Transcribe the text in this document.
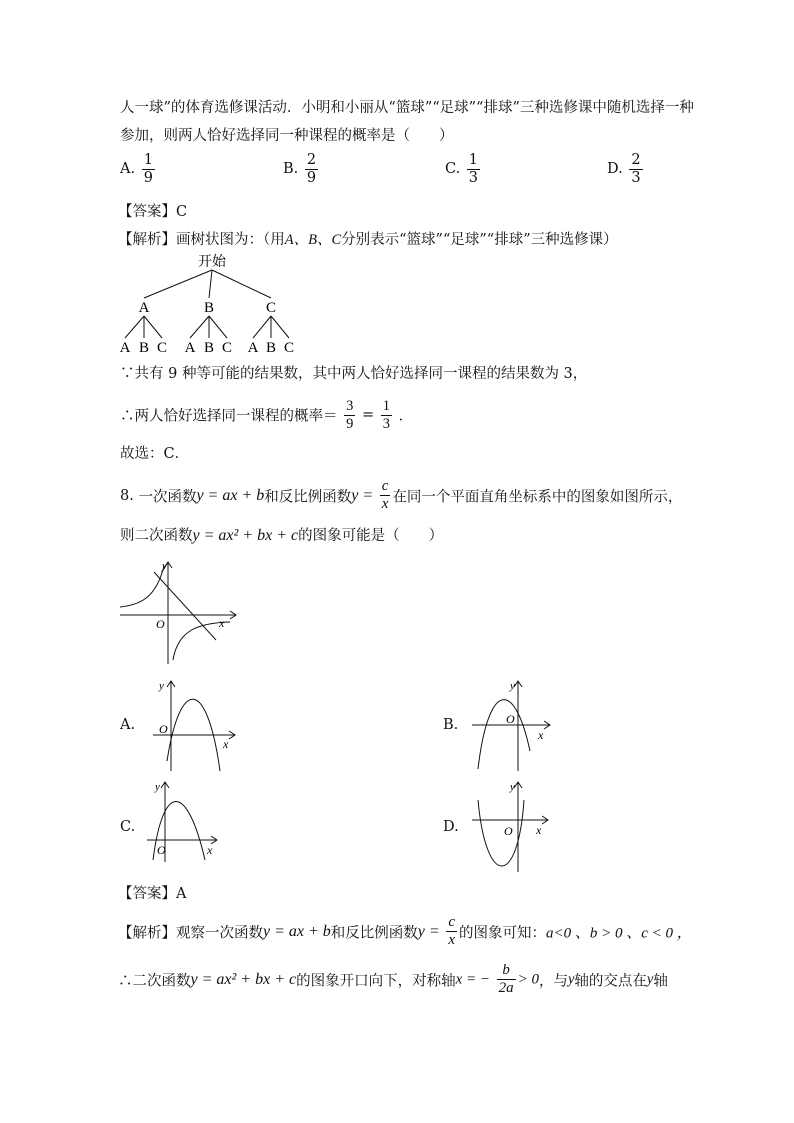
人一球”的体育选修课活动．小明和小丽从“篮球”“足球”“排球”三种选修课中随机选择一种
参加，则两人恰好选择同一种课程的概率是（　　）
A. $\frac{1}{9}$	B. $\frac{2}{9}$	C. $\frac{1}{3}$	D. $\frac{2}{3}$
【答案】C
【解析】画树状图为：（用A、B、C分别表示“篮球”“足球”“排球”三种选修课）
开始
A	B	C
A B C A B C A B C
∵共有 9 种等可能的结果数，其中两人恰好选择同一课程的结果数为 3，
∴两人恰好选择同一课程的概率＝ $\frac{3}{9} = \frac{1}{3}$ ．
故选：C．
8. 一次函数y = ax + b和反比例函数$y = \frac{c}{x}$ 在同一个平面直角坐标系中的图象如图所示，
则二次函数y = ax² + bx + c的图象可能是（　　）
y
x
O
A.
y
x
O	B.
y
x
O
C.
y
x
O
D.
y
x
O
【答案】A
【解析】观察一次函数y = ax + b和反比例函数$y = \frac{c}{x}$ 的图象可知：a<0 、b > 0 、c < 0 ，
∴二次函数y = ax² + bx + c的图象开口向下，对称轴x = − $\frac{b}{2a} > 0$，与y轴的交点在y轴
